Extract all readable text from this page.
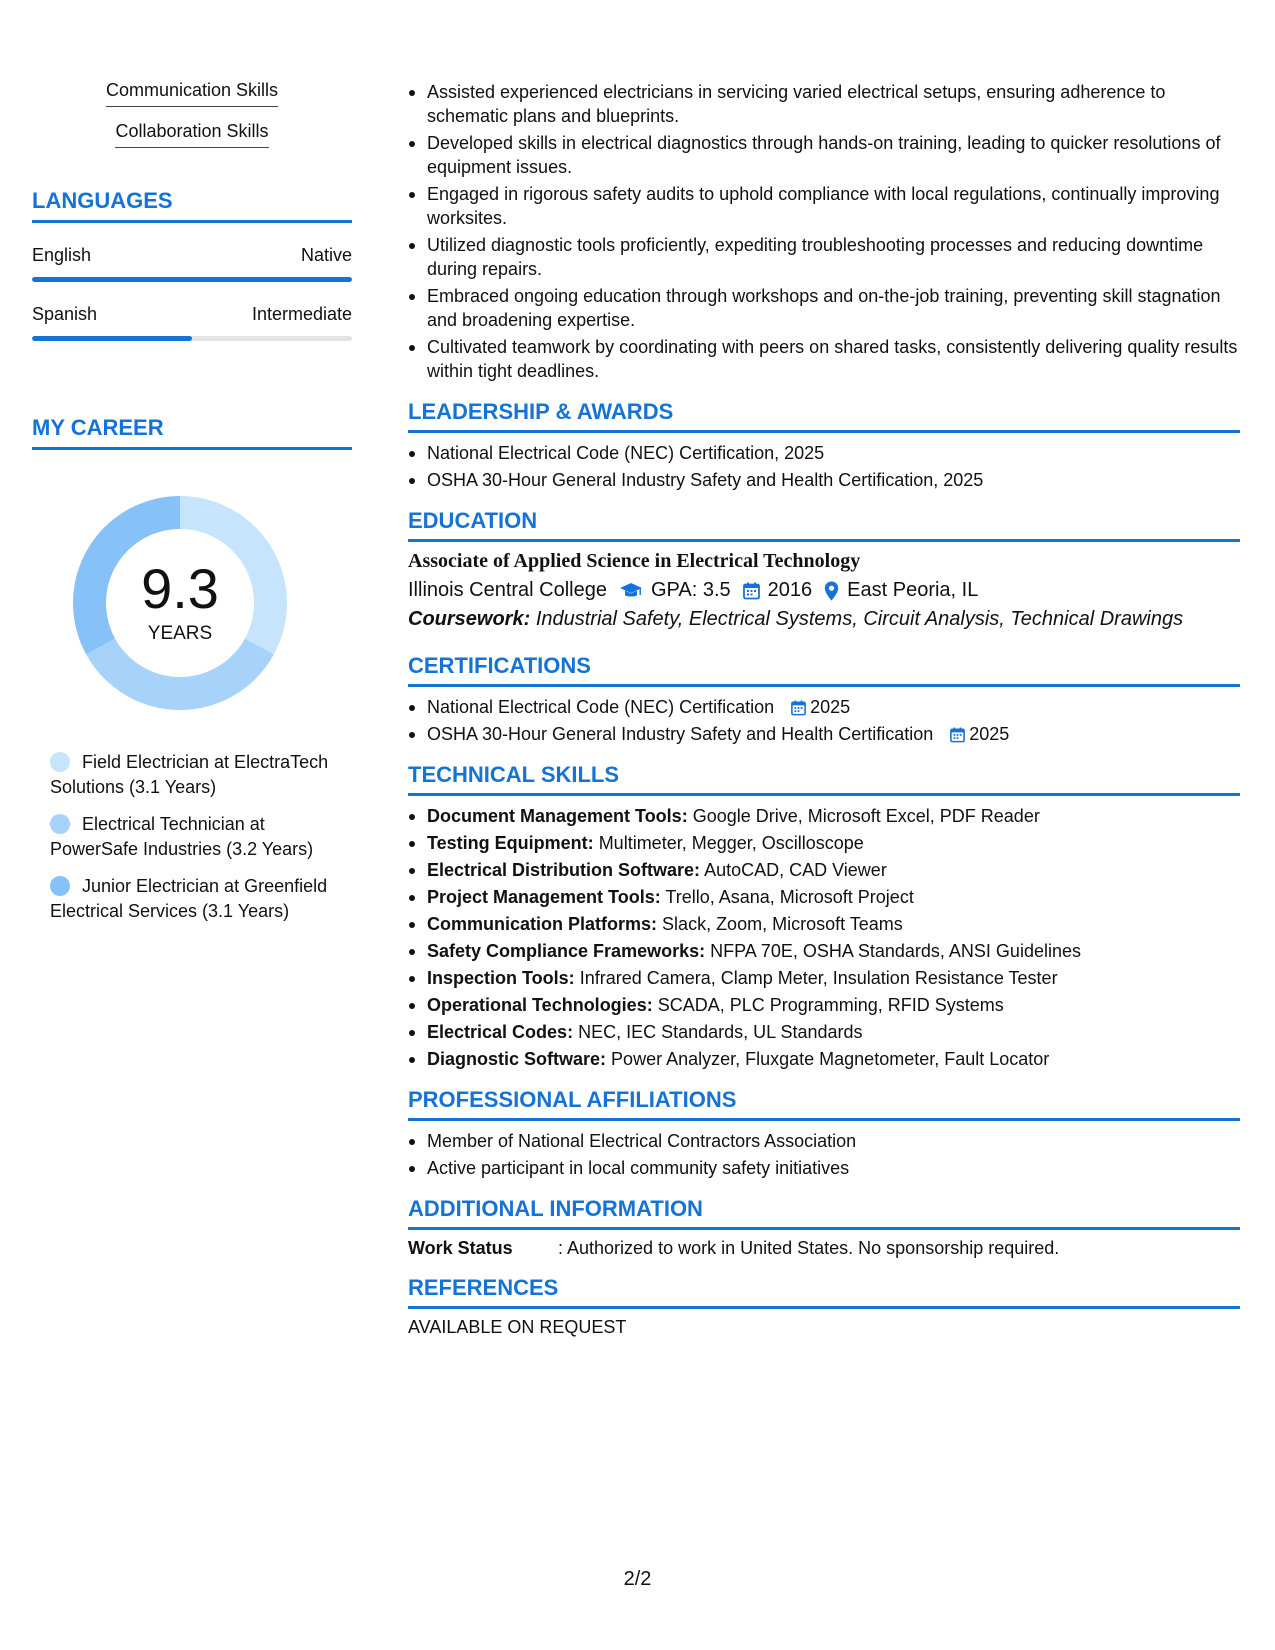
Communication Skills
Collaboration Skills
LANGUAGES
English	Native
Spanish	Intermediate
MY CAREER
9.3
YEARS
Field Electrician at ElectraTech Solutions (3.1 Years)
Electrical Technician at PowerSafe Industries (3.2 Years)
Junior Electrician at Greenfield Electrical Services (3.1 Years)
Assisted experienced electricians in servicing varied electrical setups, ensuring adherence to schematic plans and blueprints.
Developed skills in electrical diagnostics through hands-on training, leading to quicker resolutions of equipment issues.
Engaged in rigorous safety audits to uphold compliance with local regulations, continually improving worksites.
Utilized diagnostic tools proficiently, expediting troubleshooting processes and reducing downtime during repairs.
Embraced ongoing education through workshops and on-the-job training, preventing skill stagnation and broadening expertise.
Cultivated teamwork by coordinating with peers on shared tasks, consistently delivering quality results within tight deadlines.
LEADERSHIP & AWARDS
National Electrical Code (NEC) Certification, 2025
OSHA 30-Hour General Industry Safety and Health Certification, 2025
EDUCATION
Associate of Applied Science in Electrical Technology
Illinois Central College GPA: 3.5 2016 East Peoria, IL
Coursework: Industrial Safety, Electrical Systems, Circuit Analysis, Technical Drawings
CERTIFICATIONS
National Electrical Code (NEC) Certification 2025
OSHA 30-Hour General Industry Safety and Health Certification 2025
TECHNICAL SKILLS
Document Management Tools: Google Drive, Microsoft Excel, PDF Reader
Testing Equipment: Multimeter, Megger, Oscilloscope
Electrical Distribution Software: AutoCAD, CAD Viewer
Project Management Tools: Trello, Asana, Microsoft Project
Communication Platforms: Slack, Zoom, Microsoft Teams
Safety Compliance Frameworks: NFPA 70E, OSHA Standards, ANSI Guidelines
Inspection Tools: Infrared Camera, Clamp Meter, Insulation Resistance Tester
Operational Technologies: SCADA, PLC Programming, RFID Systems
Electrical Codes: NEC, IEC Standards, UL Standards
Diagnostic Software: Power Analyzer, Fluxgate Magnetometer, Fault Locator
PROFESSIONAL AFFILIATIONS
Member of National Electrical Contractors Association
Active participant in local community safety initiatives
ADDITIONAL INFORMATION
Work Status	: Authorized to work in United States. No sponsorship required.
REFERENCES
AVAILABLE ON REQUEST
2/2
